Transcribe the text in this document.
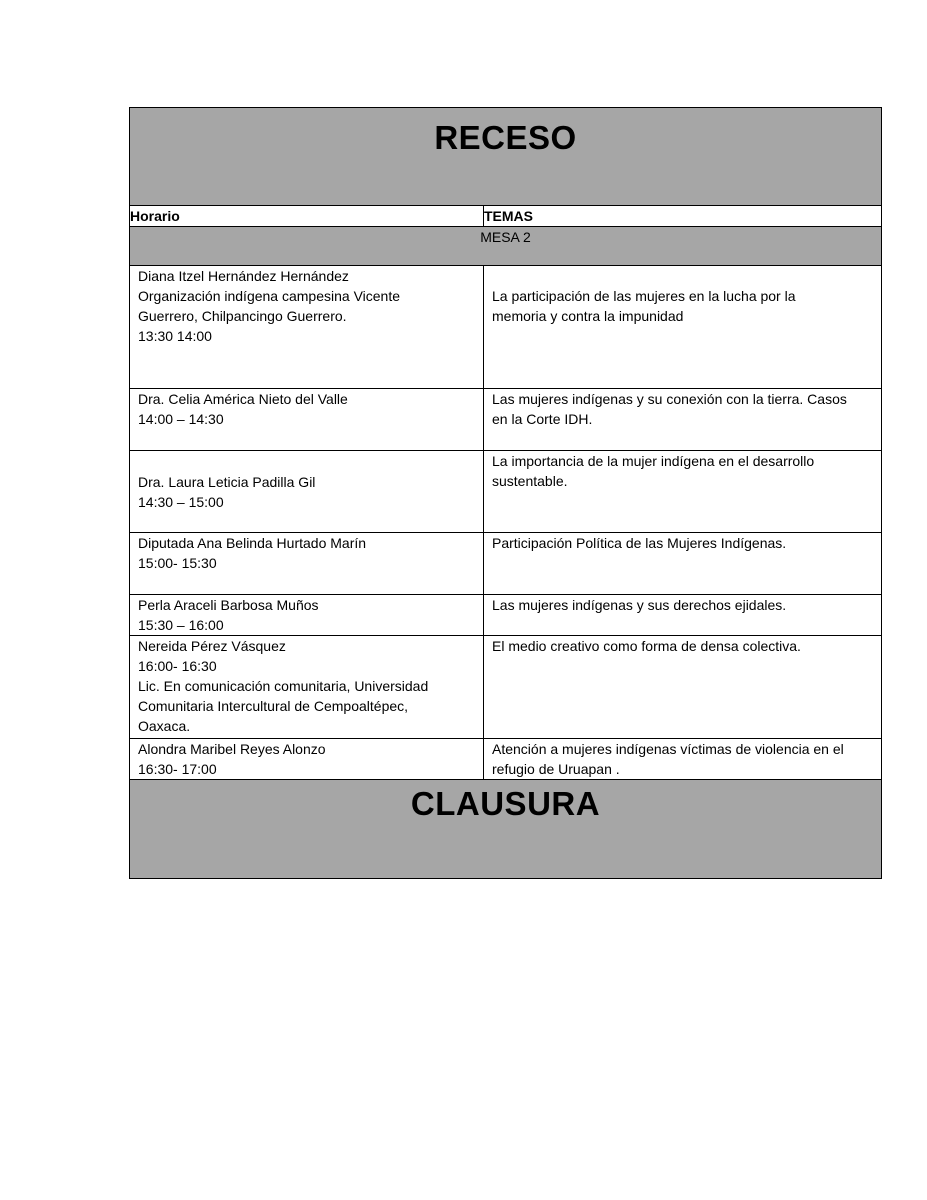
RECESO	

Horario	TEMAS
MESA 2	

Diana Itzel Hernández Hernández
Organización indígena campesina Vicente
Guerrero, Chilpancingo Guerrero.
13:30 14:00	La participación de las mujeres en la lucha por la
memoria y contra la impunidad

Dra. Celia América Nieto del Valle
14:00 – 14:30	Las mujeres indígenas y su conexión con la tierra. Casos
en la Corte IDH.

Dra. Laura Leticia Padilla Gil
14:30 – 15:00	La importancia de la mujer indígena en el desarrollo
sustentable.

Diputada Ana Belinda Hurtado Marín
15:00- 15:30	Participación Política de las Mujeres Indígenas.

Perla Araceli Barbosa Muños
15:30 – 16:00	Las mujeres indígenas y sus derechos ejidales.

Nereida Pérez Vásquez
16:00- 16:30
Lic. En comunicación comunitaria, Universidad
Comunitaria Intercultural de Cempoaltépec,
Oaxaca.	El medio creativo como forma de densa colectiva.

Alondra Maribel Reyes Alonzo
16:30- 17:00	Atención a mujeres indígenas víctimas de violencia en el
refugio de Uruapan .

CLAUSURA	
